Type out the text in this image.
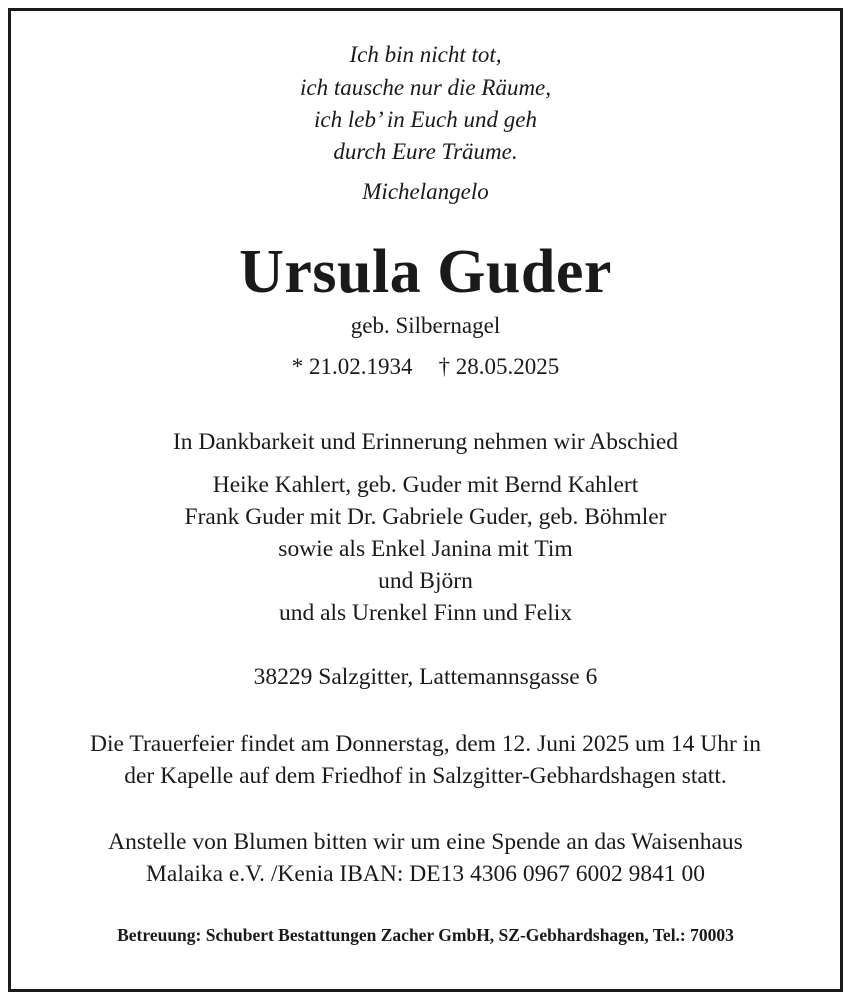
Ich bin nicht tot,

ich tausche nur die Räume,

ich leb’ in Euch und geh

durch Eure Träume.

Michelangelo

Ursula Guder

geb. Silbernagel

* 21.02.1934 † 28.05.2025

In Dankbarkeit und Erinnerung nehmen wir Abschied

Heike Kahlert, geb. Guder mit Bernd Kahlert

Frank Guder mit Dr. Gabriele Guder, geb. Böhmler

sowie als Enkel Janina mit Tim

und Björn

und als Urenkel Finn und Felix

38229 Salzgitter, Lattemannsgasse 6

Die Trauerfeier findet am Donnerstag, dem 12. Juni 2025 um 14 Uhr in

der Kapelle auf dem Friedhof in Salzgitter-Gebhardshagen statt.

Anstelle von Blumen bitten wir um eine Spende an das Waisenhaus

Malaika e.V. /Kenia IBAN: DE13 4306 0967 6002 9841 00

Betreuung: Schubert Bestattungen Zacher GmbH, SZ-Gebhardshagen, Tel.: 70003
